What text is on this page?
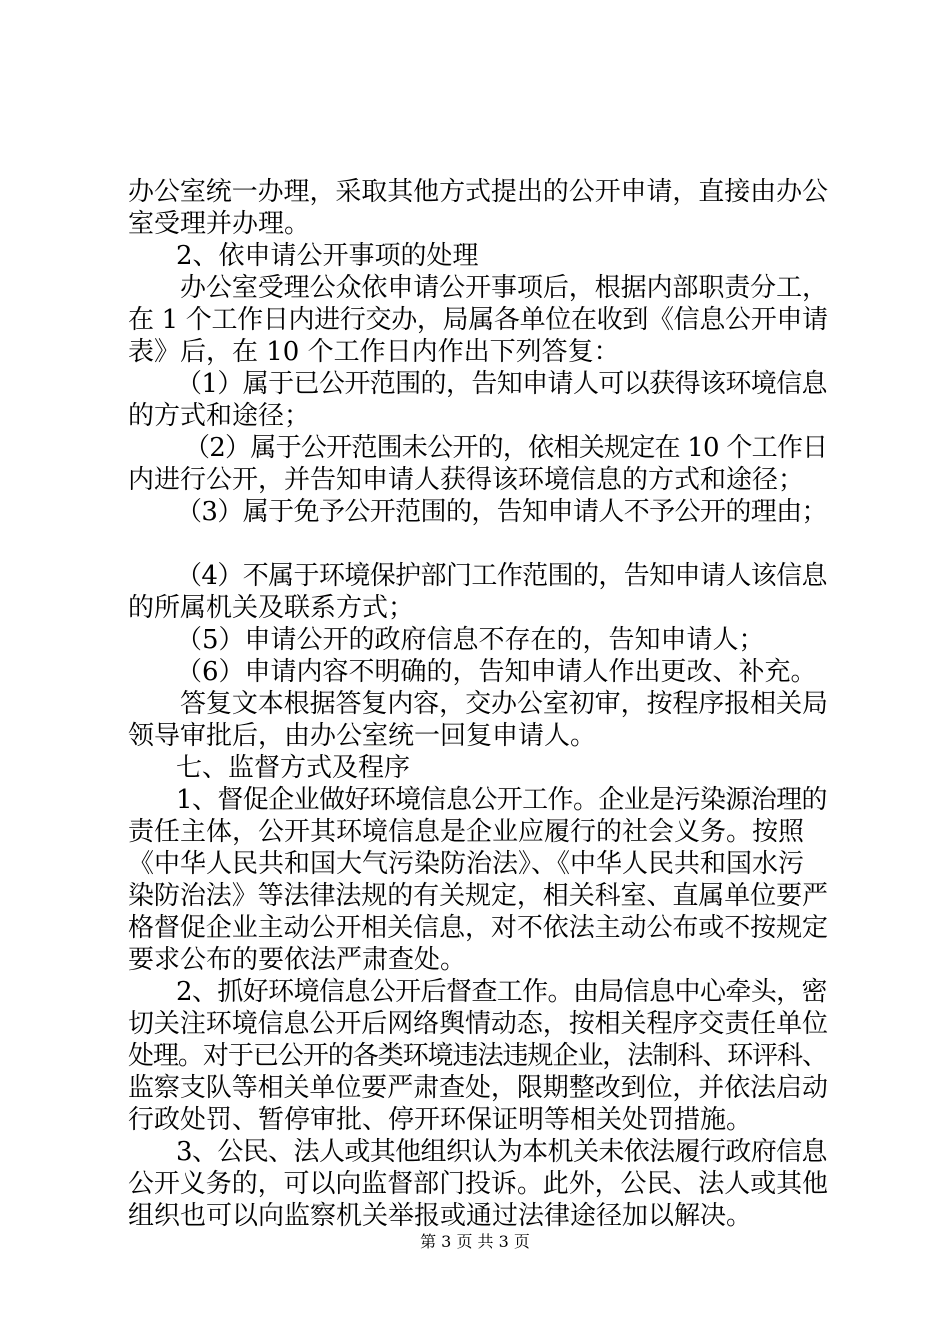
办公室统一办理，采取其他方式提出的公开申请，直接由办公
室受理并办理。
2、依申请公开事项的处理
办公室受理公众依申请公开事项后，根据内部职责分工，
在 1 个工作日内进行交办，局属各单位在收到《信息公开申请
表》后，在 10 个工作日内作出下列答复：
（1）属于已公开范围的，告知申请人可以获得该环境信息
的方式和途径；
（2）属于公开范围未公开的，依相关规定在 10 个工作日
内进行公开，并告知申请人获得该环境信息的方式和途径；
（3）属于免予公开范围的，告知申请人不予公开的理由；
（4）不属于环境保护部门工作范围的，告知申请人该信息
的所属机关及联系方式；
（5）申请公开的政府信息不存在的，告知申请人；
（6）申请内容不明确的，告知申请人作出更改、补充。
答复文本根据答复内容，交办公室初审，按程序报相关局
领导审批后，由办公室统一回复申请人。
七、监督方式及程序
1、督促企业做好环境信息公开工作。企业是污染源治理的
责任主体，公开其环境信息是企业应履行的社会义务。按照
《中华人民共和国大气污染防治法》、《中华人民共和国水污
染防治法》等法律法规的有关规定，相关科室、直属单位要严
格督促企业主动公开相关信息，对不依法主动公布或不按规定
要求公布的要依法严肃查处。
2、抓好环境信息公开后督查工作。由局信息中心牵头，密
切关注环境信息公开后网络舆情动态，按相关程序交责任单位
处理。对于已公开的各类环境违法违规企业，法制科、环评科、
监察支队等相关单位要严肃查处，限期整改到位，并依法启动
行政处罚、暂停审批、停开环保证明等相关处罚措施。
3、公民、法人或其他组织认为本机关未依法履行政府信息
公开义务的，可以向监督部门投诉。此外，公民、法人或其他
组织也可以向监察机关举报或通过法律途径加以解决。
第 3 页 共 3 页
